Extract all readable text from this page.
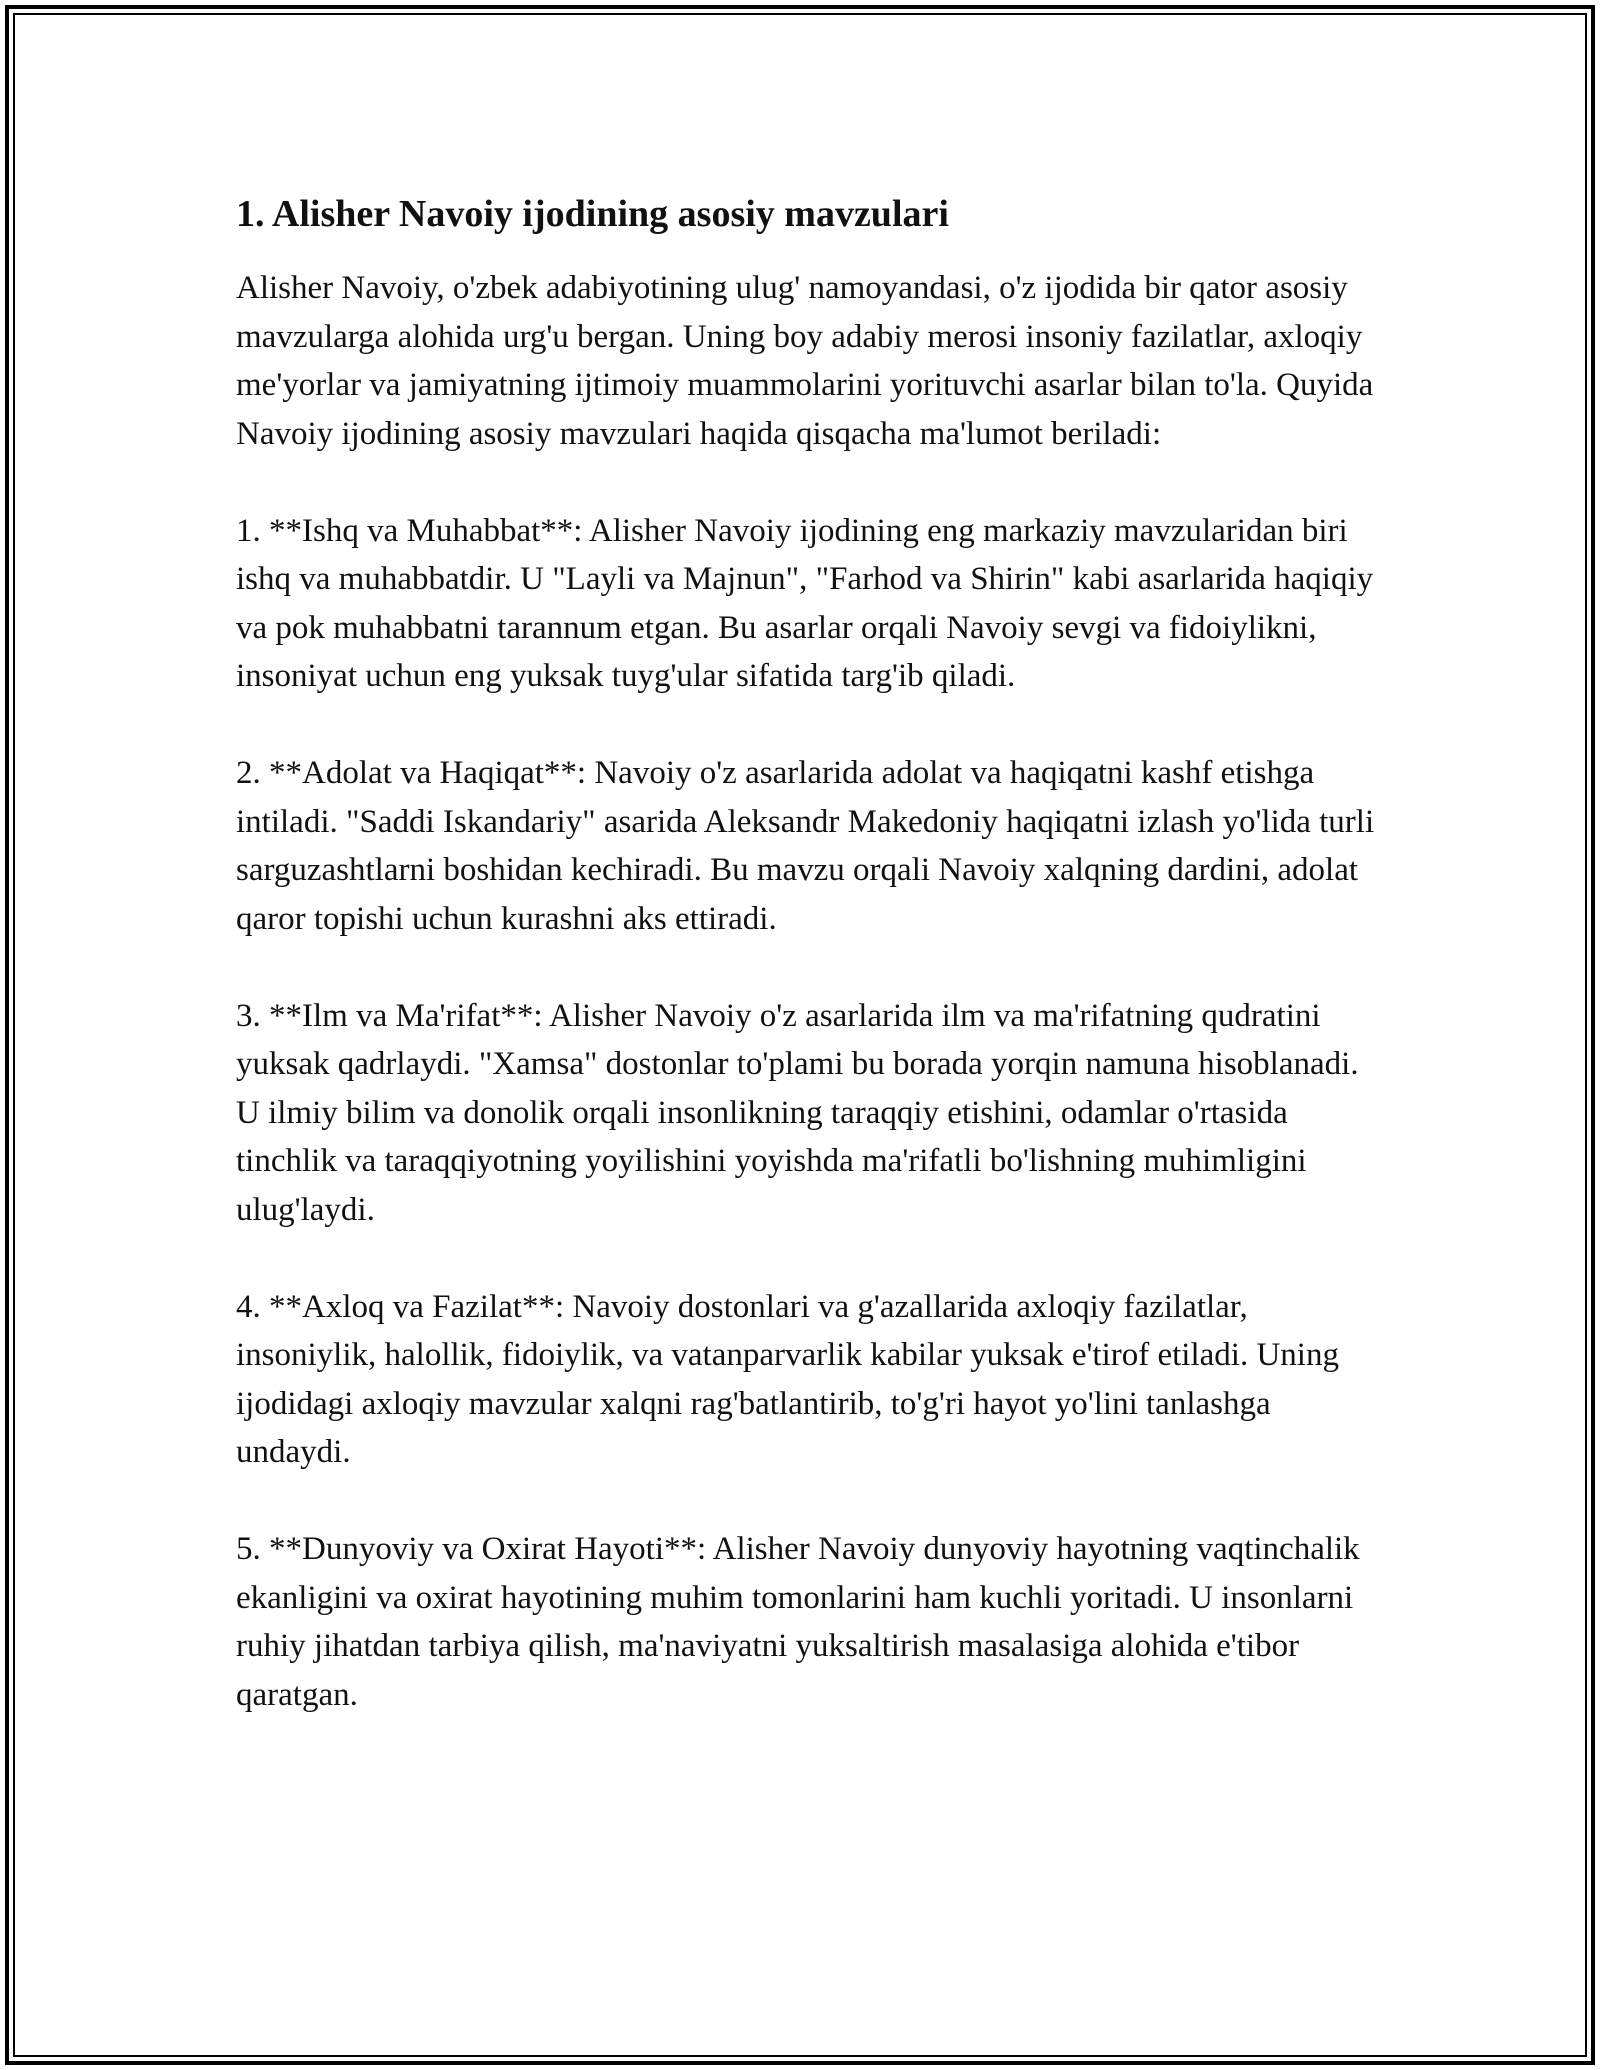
1. Alisher Navoiy ijodining asosiy mavzulari

Alisher Navoiy, o'zbek adabiyotining ulug' namoyandasi, o'z ijodida bir qator asosiy mavzularga alohida urg'u bergan. Uning boy adabiy merosi insoniy fazilatlar, axloqiy me'yorlar va jamiyatning ijtimoiy muammolarini yorituvchi asarlar bilan to'la. Quyida Navoiy ijodining asosiy mavzulari haqida qisqacha ma'lumot beriladi:

1. **Ishq va Muhabbat**: Alisher Navoiy ijodining eng markaziy mavzularidan biri ishq va muhabbatdir. U "Layli va Majnun", "Farhod va Shirin" kabi asarlarida haqiqiy va pok muhabbatni tarannum etgan. Bu asarlar orqali Navoiy sevgi va fidoiylikni, insoniyat uchun eng yuksak tuyg'ular sifatida targ'ib qiladi.

2. **Adolat va Haqiqat**: Navoiy o'z asarlarida adolat va haqiqatni kashf etishga intiladi. "Saddi Iskandariy" asarida Aleksandr Makedoniy haqiqatni izlash yo'lida turli sarguzashtlarni boshidan kechiradi. Bu mavzu orqali Navoiy xalqning dardini, adolat qaror topishi uchun kurashni aks ettiradi.

3. **Ilm va Ma'rifat**: Alisher Navoiy o'z asarlarida ilm va ma'rifatning qudratini yuksak qadrlaydi. "Xamsa" dostonlar to'plami bu borada yorqin namuna hisoblanadi. U ilmiy bilim va donolik orqali insonlikning taraqqiy etishini, odamlar o'rtasida tinchlik va taraqqiyotning yoyilishini yoyishda ma'rifatli bo'lishning muhimligini ulug'laydi.

4. **Axloq va Fazilat**: Navoiy dostonlari va g'azallarida axloqiy fazilatlar, insoniylik, halollik, fidoiylik, va vatanparvarlik kabilar yuksak e'tirof etiladi. Uning ijodidagi axloqiy mavzular xalqni rag'batlantirib, to'g'ri hayot yo'lini tanlashga undaydi.

5. **Dunyoviy va Oxirat Hayoti**: Alisher Navoiy dunyoviy hayotning vaqtinchalik ekanligini va oxirat hayotining muhim tomonlarini ham kuchli yoritadi. U insonlarni ruhiy jihatdan tarbiya qilish, ma'naviyatni yuksaltirish masalasiga alohida e'tibor qaratgan.
